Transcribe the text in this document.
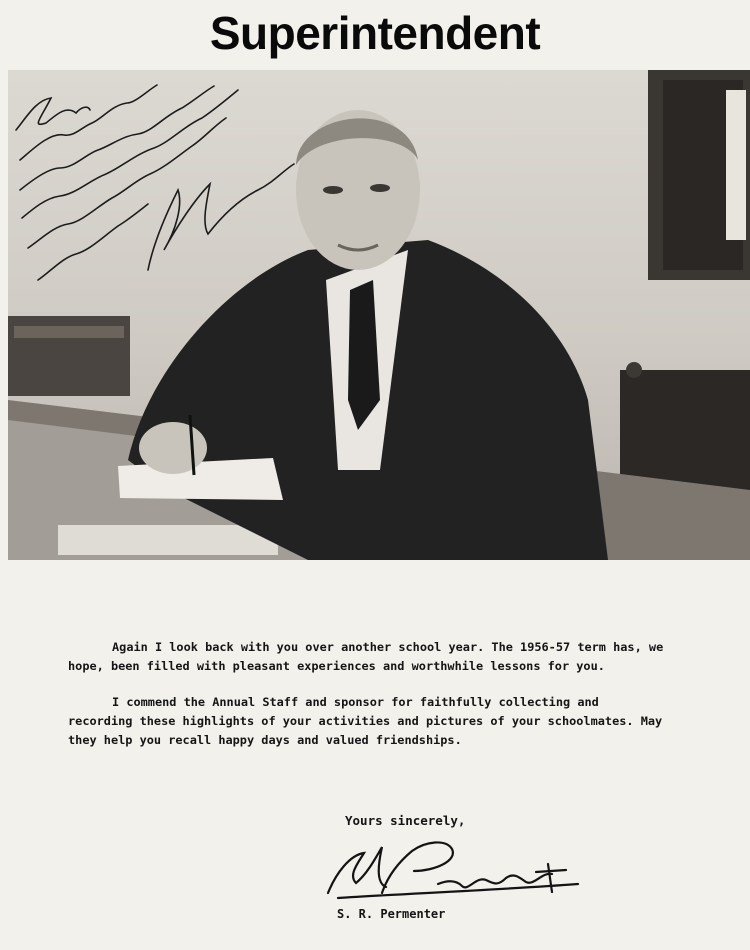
Superintendent

Again I look back with you over another school year. The 1956-57 term has, we hope, been filled with pleasant experiences and worthwhile lessons for you.

I commend the Annual Staff and sponsor for faithfully collecting and recording these highlights of your activities and pictures of your schoolmates. May they help you recall happy days and valued friendships.

Yours sincerely,
S. R. Permenter
